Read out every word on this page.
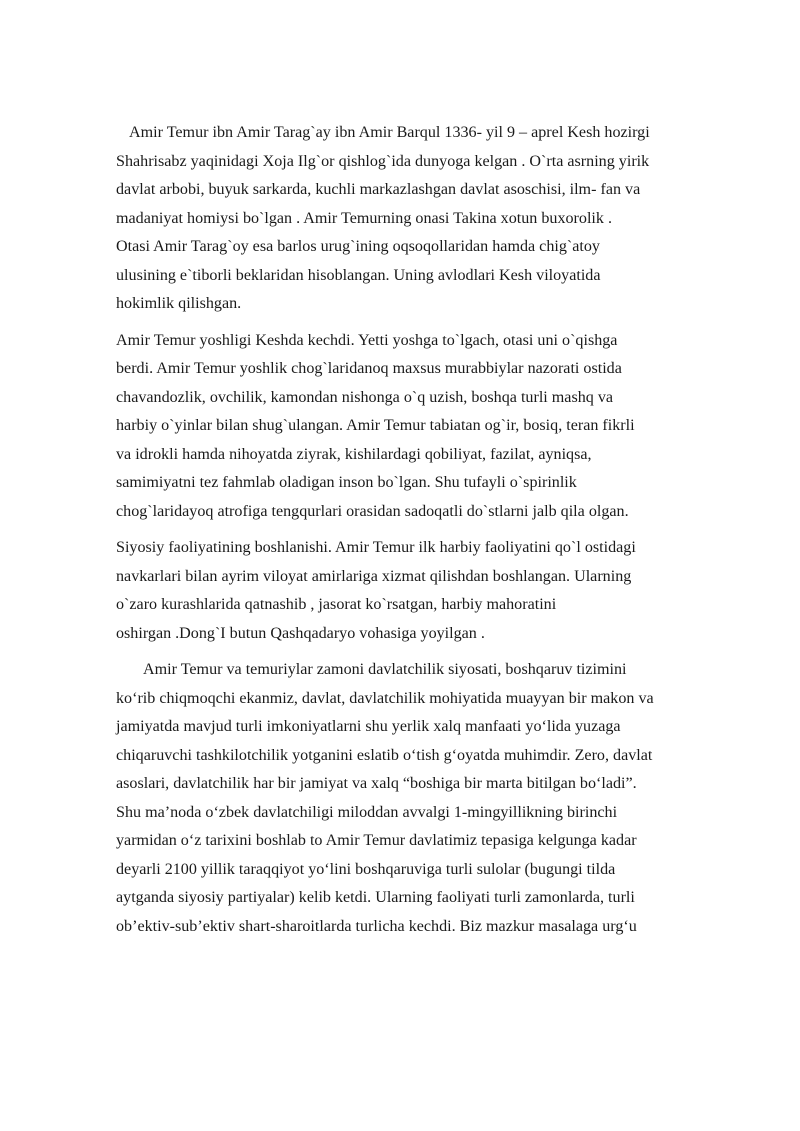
Amir Temur ibn Amir Tarag`ay ibn Amir Barqul 1336- yil 9 – aprel Kesh hozirgi
Shahrisabz yaqinidagi Xoja Ilg`or qishlog`ida dunyoga kelgan . O`rta asrning yirik
davlat arbobi, buyuk sarkarda, kuchli markazlashgan davlat asoschisi, ilm- fan va
madaniyat homiysi bo`lgan . Amir Temurning onasi Takina xotun buxorolik .
Otasi Amir Tarag`oy esa barlos urug`ining oqsoqollaridan hamda chig`atoy
ulusining e`tiborli beklaridan hisoblangan. Uning avlodlari Kesh viloyatida
hokimlik qilishgan.
Amir Temur yoshligi Keshda kechdi. Yetti yoshga to`lgach, otasi uni o`qishga
berdi. Amir Temur yoshlik chog`laridanoq maxsus murabbiylar nazorati ostida
chavandozlik, ovchilik, kamondan nishonga o`q uzish, boshqa turli mashq va
harbiy o`yinlar bilan shug`ulangan. Amir Temur tabiatan og`ir, bosiq, teran fikrli
va idrokli hamda nihoyatda ziyrak, kishilardagi qobiliyat, fazilat, ayniqsa,
samimiyatni tez fahmlab oladigan inson bo`lgan. Shu tufayli o`spirinlik
chog`laridayoq atrofiga tengqurlari orasidan sadoqatli do`stlarni jalb qila olgan.
Siyosiy faoliyatining boshlanishi. Amir Temur ilk harbiy faoliyatini qo`l ostidagi
navkarlari bilan ayrim viloyat amirlariga xizmat qilishdan boshlangan. Ularning
o`zaro kurashlarida qatnashib , jasorat ko`rsatgan, harbiy mahoratini
oshirgan .Dong`I butun Qashqadaryo vohasiga yoyilgan .
Amir Temur va temuriylar zamoni davlatchilik siyosati, boshqaruv tizimini
ko‘rib chiqmoqchi ekanmiz, davlat, davlatchilik mohiyatida muayyan bir makon va
jamiyatda mavjud turli imkoniyatlarni shu yerlik xalq manfaati yo‘lida yuzaga
chiqaruvchi tashkilotchilik yotganini eslatib o‘tish g‘oyatda muhimdir. Zero, davlat
asoslari, davlatchilik har bir jamiyat va xalq “boshiga bir marta bitilgan bo‘ladi”.
Shu ma’noda o‘zbek davlatchiligi miloddan avvalgi 1-mingyillikning birinchi
yarmidan o‘z tarixini boshlab to Amir Temur davlatimiz tepasiga kelgunga kadar
deyarli 2100 yillik taraqqiyot yo‘lini boshqaruviga turli sulolar (bugungi tilda
aytganda siyosiy partiyalar) kelib ketdi. Ularning faoliyati turli zamonlarda, turli
ob’ektiv-sub’ektiv shart-sharoitlarda turlicha kechdi. Biz mazkur masalaga urg‘u
